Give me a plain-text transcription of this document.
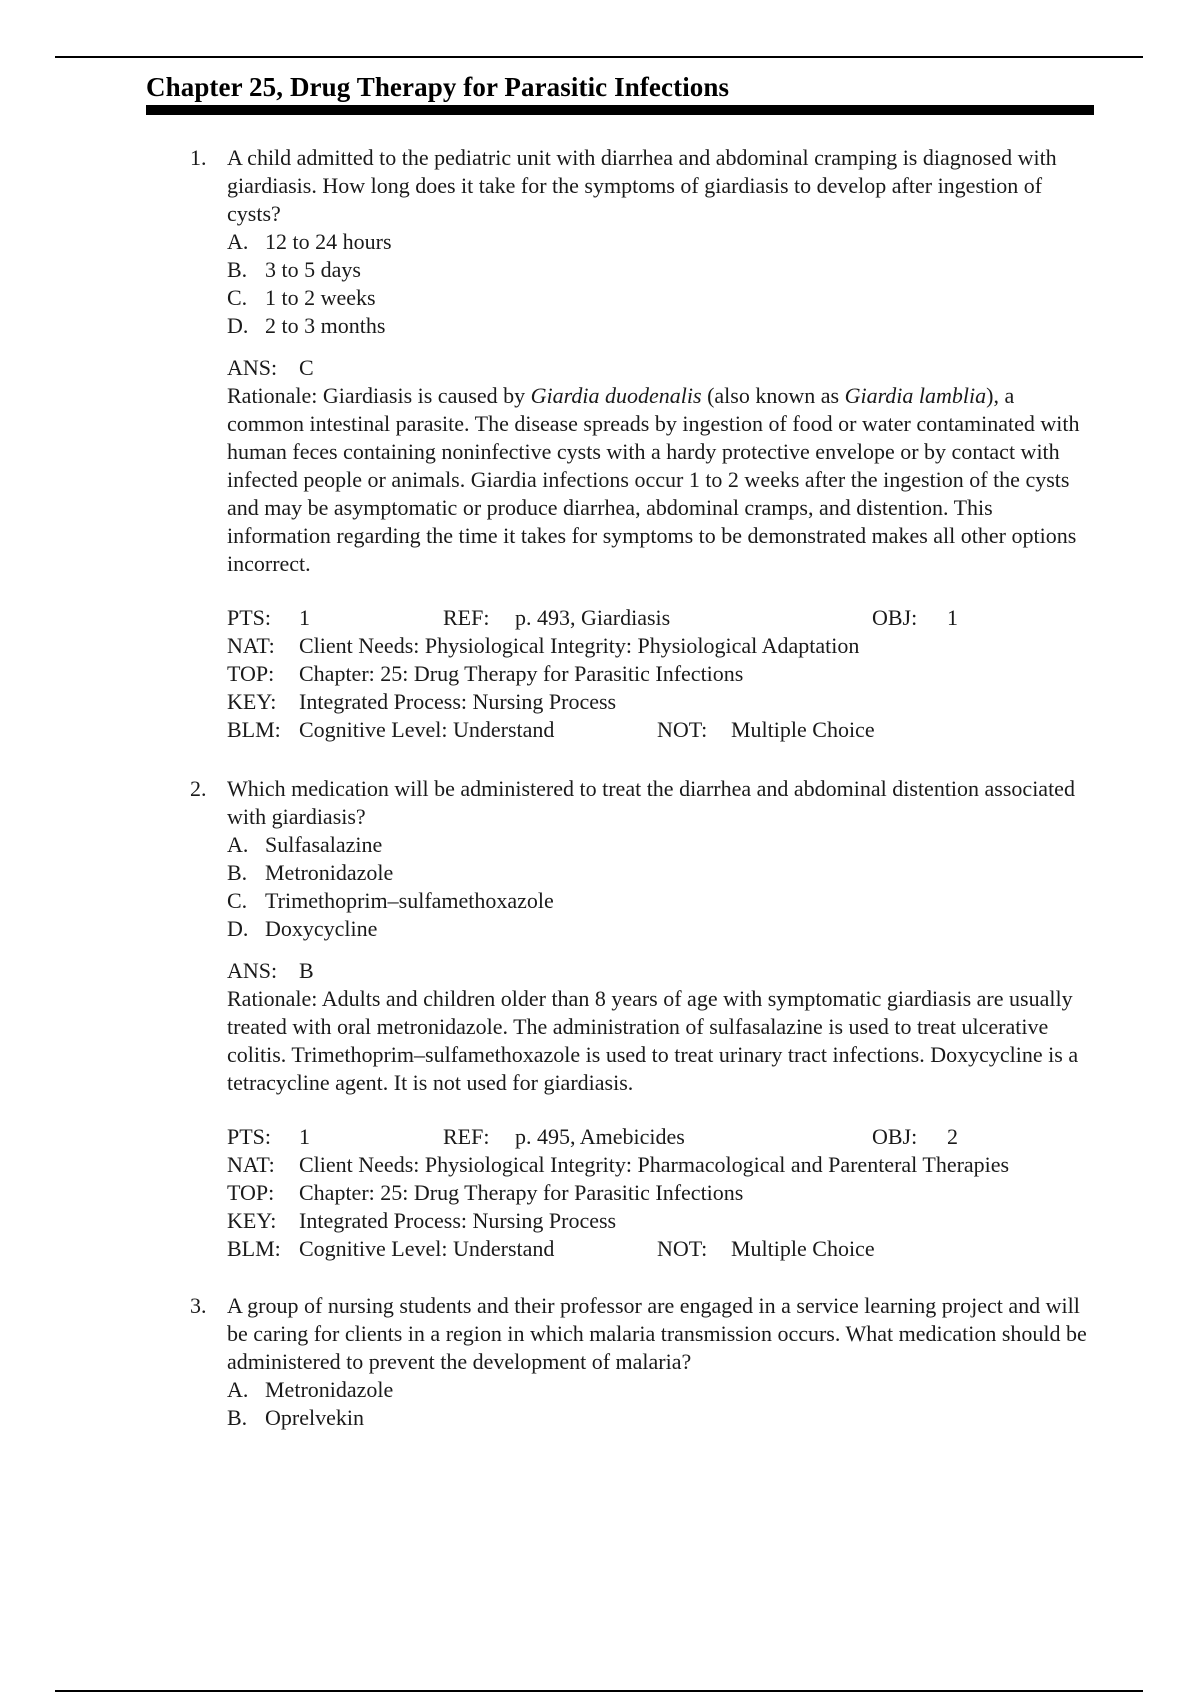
Chapter 25, Drug Therapy for Parasitic Infections
1. A child admitted to the pediatric unit with diarrhea and abdominal cramping is diagnosed with giardiasis. How long does it take for the symptoms of giardiasis to develop after ingestion of cysts?

A. 12 to 24 hours
B. 3 to 5 days
C. 1 to 2 weeks
D. 2 to 3 months
ANS: C

Rationale: Giardiasis is caused by Giardia duodenalis (also known as Giardia lamblia), a common intestinal parasite. The disease spreads by ingestion of food or water contaminated with human feces containing noninfective cysts with a hardy protective envelope or by contact with infected people or animals. Giardia infections occur 1 to 2 weeks after the ingestion of the cysts and may be asymptomatic or produce diarrhea, abdominal cramps, and distention. This information regarding the time it takes for symptoms to be demonstrated makes all other options incorrect.

PTS: 1	REF: p. 493, Giardiasis	OBJ: 1
NAT: Client Needs: Physiological Integrity: Physiological Adaptation
TOP: Chapter: 25: Drug Therapy for Parasitic Infections
KEY: Integrated Process: Nursing Process
BLM: Cognitive Level: Understand	NOT: Multiple Choice
2. Which medication will be administered to treat the diarrhea and abdominal distention associated with giardiasis?

A. Sulfasalazine
B. Metronidazole
C. Trimethoprim–sulfamethoxazole
D. Doxycycline
ANS: B

Rationale: Adults and children older than 8 years of age with symptomatic giardiasis are usually treated with oral metronidazole. The administration of sulfasalazine is used to treat ulcerative colitis. Trimethoprim–sulfamethoxazole is used to treat urinary tract infections. Doxycycline is a tetracycline agent. It is not used for giardiasis.

PTS: 1	REF: p. 495, Amebicides	OBJ: 2
NAT: Client Needs: Physiological Integrity: Pharmacological and Parenteral Therapies
TOP: Chapter: 25: Drug Therapy for Parasitic Infections
KEY: Integrated Process: Nursing Process
BLM: Cognitive Level: Understand	NOT: Multiple Choice
3. A group of nursing students and their professor are engaged in a service learning project and will be caring for clients in a region in which malaria transmission occurs. What medication should be administered to prevent the development of malaria?

A. Metronidazole
B. Oprelvekin
